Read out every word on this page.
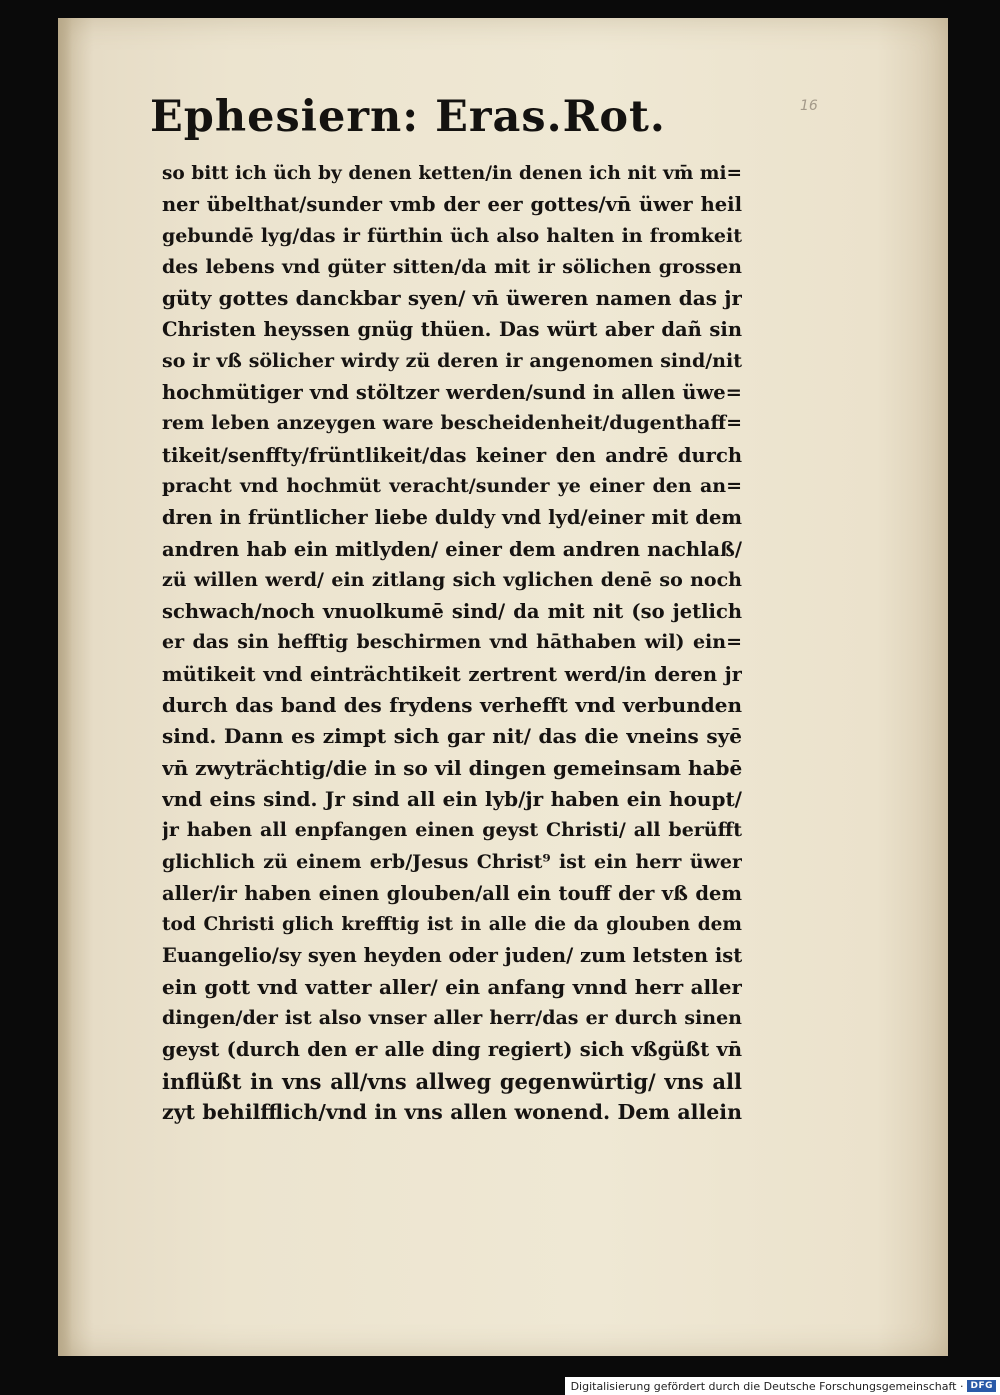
16
Ephesiern: Eras.Rot.
so bitt ich üch by denen ketten/in denen ich nit vm̄ mi=
ner übelthat/sunder vmb der eer gottes/vn̄ üwer heil
gebundē lyg/das ir fürthin üch also halten in fromkeit
des lebens vnd güter sitten/da mit ir sölichen grossen
güty gottes danckbar syen/ vn̄ üweren namen das jr
Christen heyssen gnüg thüen. Das würt aber dañ sin
so ir vß sölicher wirdy zü deren ir angenomen sind/nit
hochmütiger vnd stöltzer werden/sund in allen üwe=
rem leben anzeygen ware bescheidenheit/dugenthaff=
tikeit/senffty/früntlikeit/das keiner den andrē durch
pracht vnd hochmüt veracht/sunder ye einer den an=
dren in früntlicher liebe duldy vnd lyd/einer mit dem
andren hab ein mitlyden/ einer dem andren nachlaß/
zü willen werd/ ein zitlang sich vglichen denē so noch
schwach/noch vnuolkumē sind/ da mit nit (so jetlich
er das sin hefftig beschirmen vnd hāthaben wil) ein=
mütikeit vnd einträchtikeit zertrent werd/in deren jr
durch das band des frydens verhefft vnd verbunden
sind. Dann es zimpt sich gar nit/ das die vneins syē
vn̄ zwyträchtig/die in so vil dingen gemeinsam habē
vnd eins sind. Jr sind all ein lyb/jr haben ein houpt/
jr haben all enpfangen einen geyst Christi/ all berüfft
glichlich zü einem erb/Jesus Christ⁹ ist ein herr üwer
aller/ir haben einen glouben/all ein touff der vß dem
tod Christi glich krefftig ist in alle die da glouben dem
Euangelio/sy syen heyden oder juden/ zum letsten ist
ein gott vnd vatter aller/ ein anfang vnnd herr aller
dingen/der ist also vnser aller herr/das er durch sinen
geyst (durch den er alle ding regiert) sich vßgüßt vn̄
inflüßt in vns all/vns allweg gegenwürtig/ vns all
zyt behilfflich/vnd in vns allen wonend. Dem allein
Digitalisierung gefördert durch die Deutsche Forschungsgemeinschaft · DFG
